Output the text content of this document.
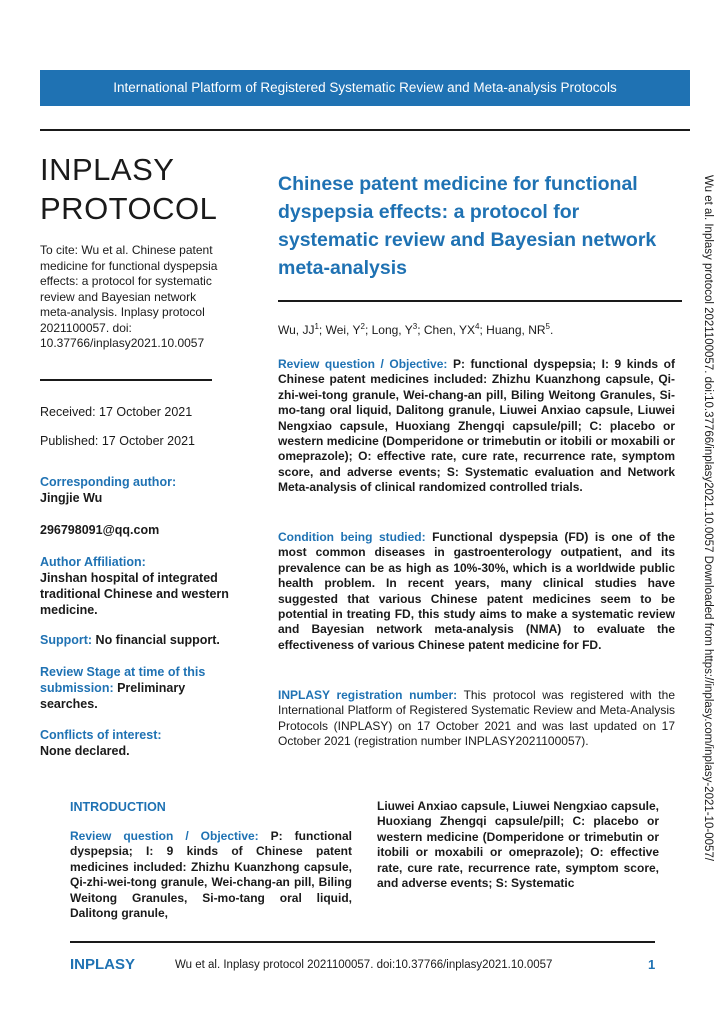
International Platform of Registered Systematic Review and Meta-analysis Protocols
INPLASY
PROTOCOL
To cite: Wu et al. Chinese patent medicine for functional dyspepsia effects: a protocol for systematic review and Bayesian network meta-analysis. Inplasy protocol 2021100057. doi: 10.37766/inplasy2021.10.0057
Received: 17 October 2021
Published: 17 October 2021
Corresponding author:
Jingjie Wu
296798091@qq.com
Author Affiliation:
Jinshan hospital of integrated traditional Chinese and western medicine.
Support: No financial support.
Review Stage at time of this submission: Preliminary searches.
Conflicts of interest:
None declared.
Chinese patent medicine for functional dyspepsia effects: a protocol for systematic review and Bayesian network meta-analysis
Wu, $JJ^1$; Wei, $Y^2$; Long, $Y^3$; Chen, $YX^4$; Huang, $NR^5$.
Review question / Objective: P: functional dyspepsia; I: 9 kinds of Chinese patent medicines included: Zhizhu Kuanzhong capsule, Qi-zhi-wei-tong granule, Wei-chang-an pill, Biling Weitong Granules, Si-mo-tang oral liquid, Dalitong granule, Liuwei Anxiao capsule, Liuwei Nengxiao capsule, Huoxiang Zhengqi capsule/pill; C: placebo or western medicine (Domperidone or trimebutin or itobili or moxabili or omeprazole); O: effective rate, cure rate, recurrence rate, symptom score, and adverse events; S: Systematic evaluation and Network Meta-analysis of clinical randomized controlled trials.
Condition being studied: Functional dyspepsia (FD) is one of the most common diseases in gastroenterology outpatient, and its prevalence can be as high as 10%-30%, which is a worldwide public health problem. In recent years, many clinical studies have suggested that various Chinese patent medicines seem to be potential in treating FD, this study aims to make a systematic review and Bayesian network meta-analysis (NMA) to evaluate the effectiveness of various Chinese patent medicine for FD.
INPLASY registration number: This protocol was registered with the International Platform of Registered Systematic Review and Meta-Analysis Protocols (INPLASY) on 17 October 2021 and was last updated on 17 October 2021 (registration number INPLASY2021100057).	Wu et al. Inplasy protocol 2021100057. doi:10.37766/inplasy2021.10.0057 Downloaded from https://inplasy.com/inplasy-2021-10-0057/
INTRODUCTION
Review question / Objective: P: functional dyspepsia; I: 9 kinds of Chinese patent medicines included: Zhizhu Kuanzhong capsule, Qi-zhi-wei-tong granule, Wei-chang-an pill, Biling Weitong Granules, Si-mo-tang oral liquid, Dalitong granule,
Liuwei Anxiao capsule, Liuwei Nengxiao capsule, Huoxiang Zhengqi capsule/pill; C: placebo or western medicine (Domperidone or trimebutin or itobili or moxabili or omeprazole); O: effective rate, cure rate, recurrence rate, symptom score, and adverse events; S: Systematic
INPLASY	Wu et al. Inplasy protocol 2021100057. doi:10.37766/inplasy2021.10.0057	1
